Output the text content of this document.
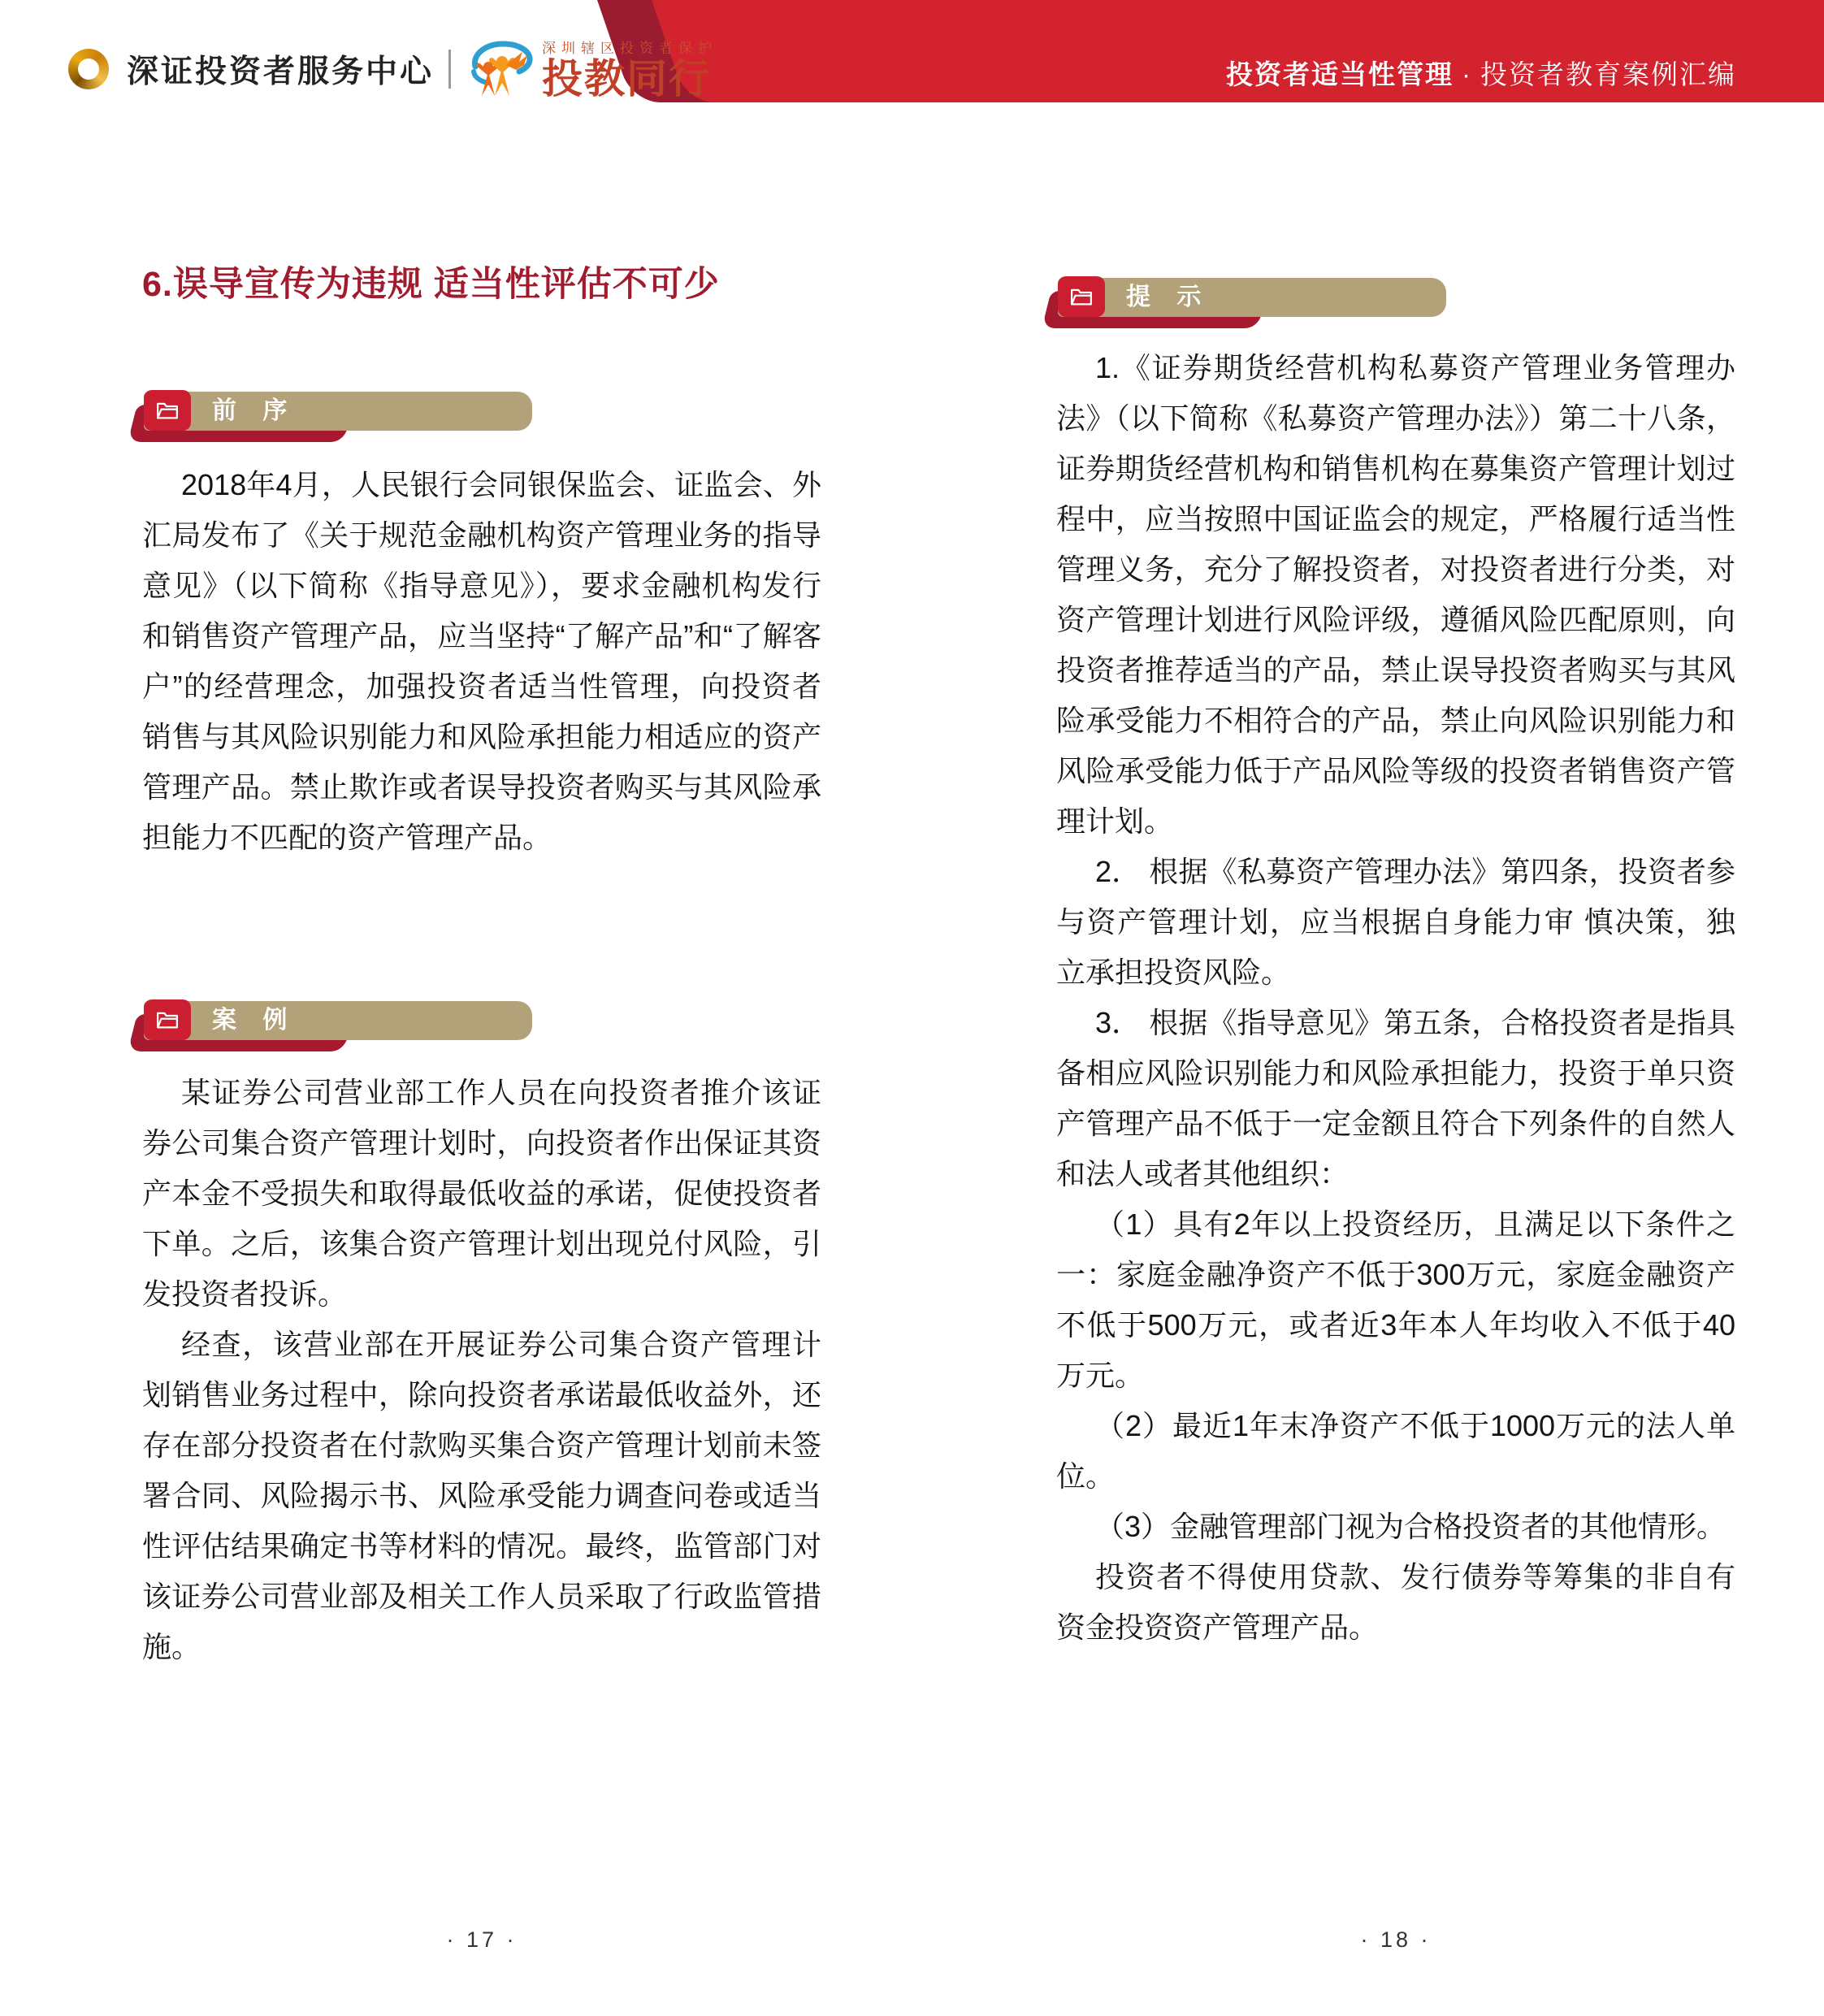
投资者适当性管理 · 投资者教育案例汇编
深证投资者服务中心
深圳辖区投资者保护
投教同行
6.误导宣传为违规 适当性评估不可少
前 序

2018年4月，人民银行会同银保监会、证监会、外汇局发布了《关于规范金融机构资产管理业务的指导意见》（以下简称《指导意见》），要求金融机构发行和销售资产管理产品，应当坚持“了解产品”和“了解客户”的经营理念，加强投资者适当性管理，向投资者销售与其风险识别能力和风险承担能力相适应的资产管理产品。禁止欺诈或者误导投资者购买与其风险承担能力不匹配的资产管理产品。

案 例

某证券公司营业部工作人员在向投资者推介该证券公司集合资产管理计划时，向投资者作出保证其资产本金不受损失和取得最低收益的承诺，促使投资者下单。之后，该集合资产管理计划出现兑付风险，引发投资者投诉。

经查，该营业部在开展证券公司集合资产管理计划销售业务过程中，除向投资者承诺最低收益外，还存在部分投资者在付款购买集合资产管理计划前未签署合同、风险揭示书、风险承受能力调查问卷或适当性评估结果确定书等材料的情况。最终，监管部门对该证券公司营业部及相关工作人员采取了行政监管措施。

· 17 ·
提 示

1.《证券期货经营机构私募资产管理业务管理办法》（以下简称《私募资产管理办法》）第二十八条，证券期货经营机构和销售机构在募集资产管理计划过程中，应当按照中国证监会的规定，严格履行适当性管理义务，充分了解投资者，对投资者进行分类，对资产管理计划进行风险评级，遵循风险匹配原则，向投资者推荐适当的产品，禁止误导投资者购买与其风险承受能力不相符合的产品，禁止向风险识别能力和风险承受能力低于产品风险等级的投资者销售资产管理计划。

2． 根据《私募资产管理办法》第四条，投资者参与资产管理计划，应当根据自身能力审 慎决策，独立承担投资风险。

3． 根据《指导意见》第五条，合格投资者是指具备相应风险识别能力和风险承担能力，投资于单只资产管理产品不低于一定金额且符合下列条件的自然人和法人或者其他组织：

（1）具有2年以上投资经历，且满足以下条件之一：家庭金融净资产不低于300万元，家庭金融资产不低于500万元，或者近3年本人年均收入不低于40万元。

（2）最近1年末净资产不低于1000万元的法人单位。

（3）金融管理部门视为合格投资者的其他情形。

投资者不得使用贷款、发行债券等筹集的非自有资金投资资产管理产品。

· 18 ·
